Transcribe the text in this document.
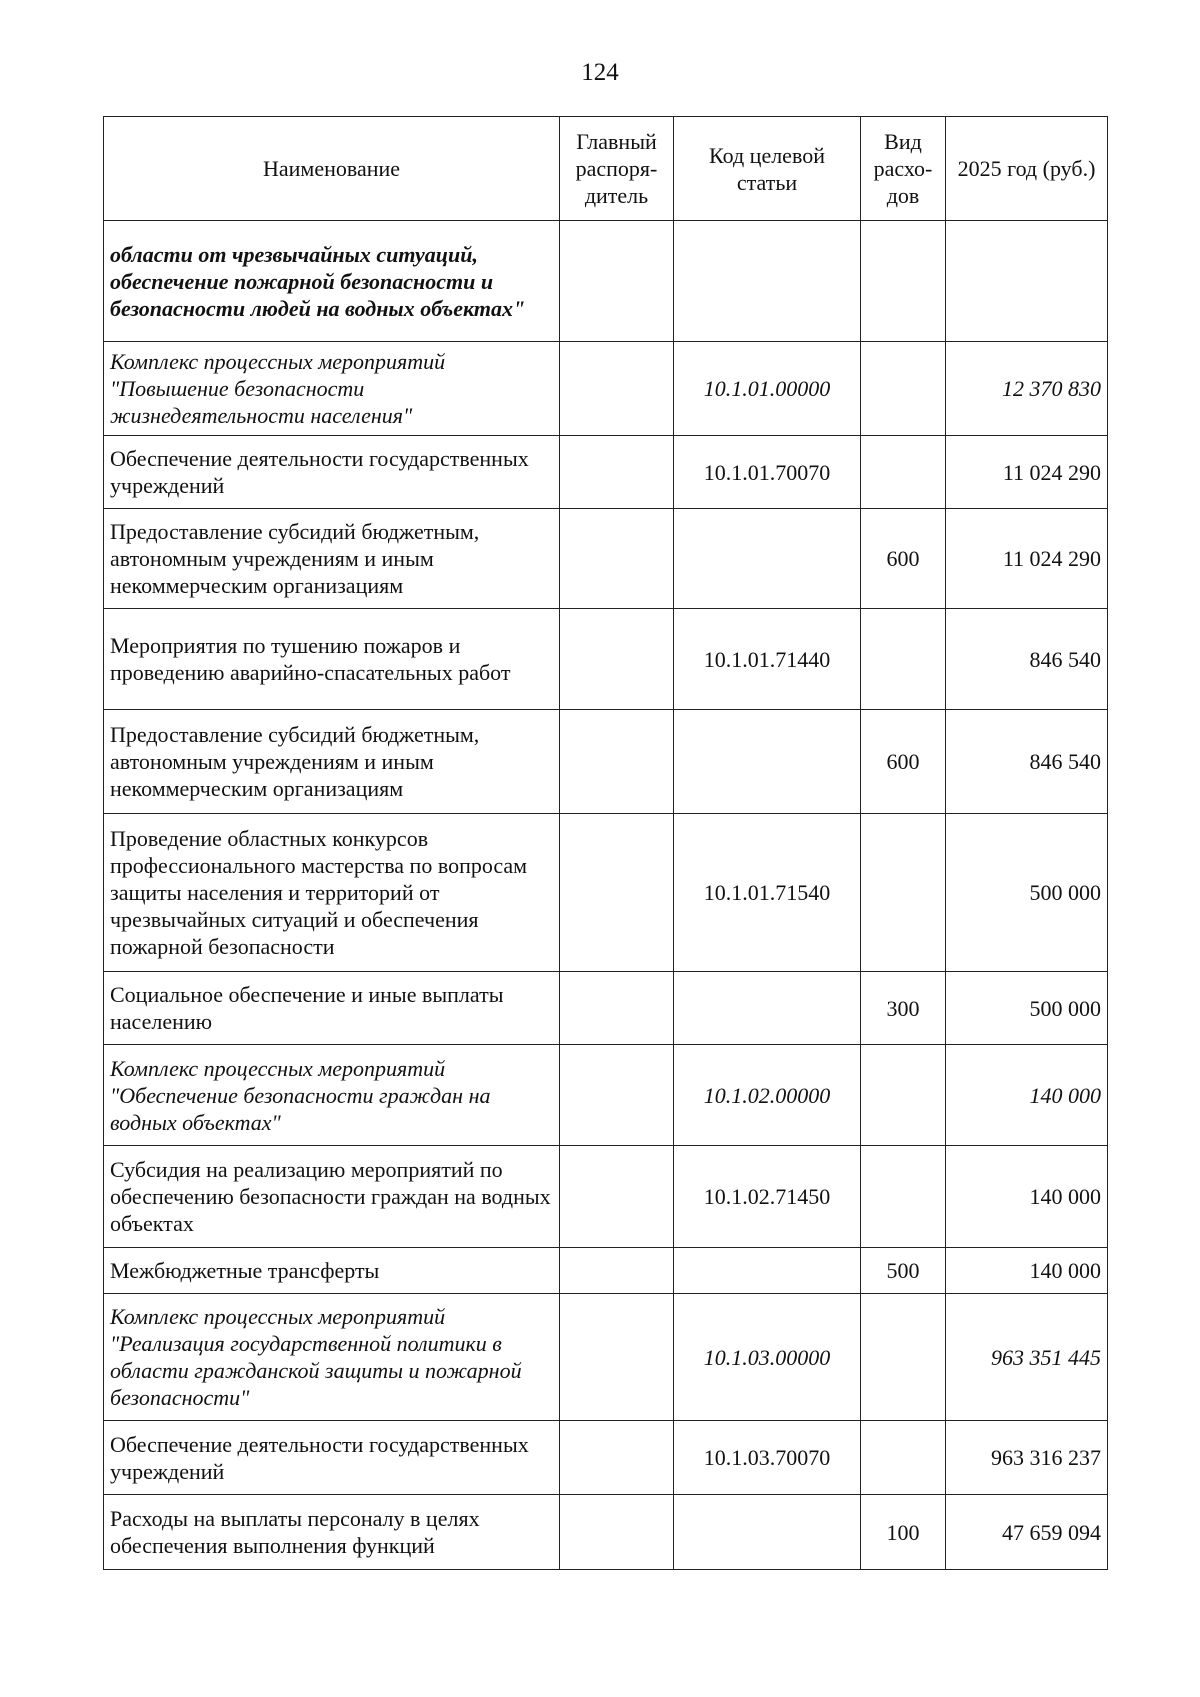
124
Наименование	Главный распоря-дитель	Код целевой статьи	Вид расхо-дов	2025 год (руб.)
области от чрезвычайных ситуаций, обеспечение пожарной безопасности и безопасности людей на водных объектах"				
Комплекс процессных мероприятий "Повышение безопасности жизнедеятельности населения"		10.1.01.00000		12 370 830
Обеспечение деятельности государственных учреждений		10.1.01.70070		11 024 290
Предоставление субсидий бюджетным, автономным учреждениям и иным некоммерческим организациям			600	11 024 290
Мероприятия по тушению пожаров и проведению аварийно-спасательных работ		10.1.01.71440		846 540
Предоставление субсидий бюджетным, автономным учреждениям и иным некоммерческим организациям			600	846 540
Проведение областных конкурсов профессионального мастерства по вопросам защиты населения и территорий от чрезвычайных ситуаций и обеспечения пожарной безопасности		10.1.01.71540		500 000
Социальное обеспечение и иные выплаты населению			300	500 000
Комплекс процессных мероприятий "Обеспечение безопасности граждан на водных объектах"		10.1.02.00000		140 000
Субсидия на реализацию мероприятий по обеспечению безопасности граждан на водных объектах		10.1.02.71450		140 000
Межбюджетные трансферты			500	140 000
Комплекс процессных мероприятий "Реализация государственной политики в области гражданской защиты и пожарной безопасности"		10.1.03.00000		963 351 445
Обеспечение деятельности государственных учреждений		10.1.03.70070		963 316 237
Расходы на выплаты персоналу в целях обеспечения выполнения функций			100	47 659 094
